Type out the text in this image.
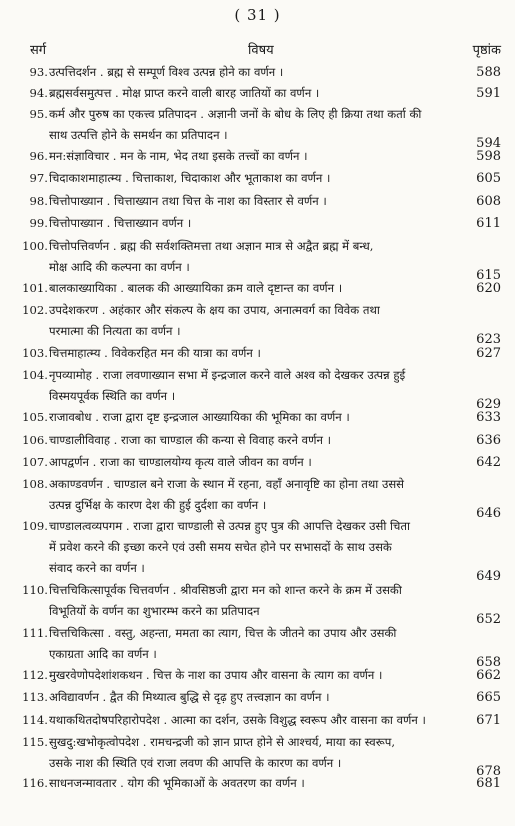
( 31 )
सर्ग	विषय	पृष्ठांक
93. उत्पत्तिदर्शन . ब्रह्म से सम्पूर्ण विश्व उत्पन्न होने का वर्णन ।	588
94. ब्रह्मसर्वसमुत्पत्त . मोक्ष प्राप्त करने वाली बारह जातियों का वर्णन ।	591
95. कर्म और पुरुष का एकत्त्व प्रतिपादन . अज्ञानी जनों के बोध के लिए ही क्रिया तथा कर्ता की
साथ उत्पत्ति होने के समर्थन का प्रतिपादन ।
594
96. मन:संज्ञाविचार . मन के नाम, भेद तथा इसके तत्त्वों का वर्णन ।	598
97. चिदाकाशमाहात्म्य . चित्ताकाश, चिदाकाश और भूताकाश का वर्णन ।	605
98. चित्तोपाख्यान . चित्ताख्यान तथा चित्त के नाश का विस्तार से वर्णन ।	608
99. चित्तोपाख्यान . चित्ताख्यान वर्णन ।	611
100. चित्तोपत्तिवर्णन . ब्रह्म की सर्वशक्तिमत्ता तथा अज्ञान मात्र से अद्वैत ब्रह्म में बन्ध,
मोक्ष आदि की कल्पना का वर्णन ।
615
101. बालकाख्यायिका . बालक की आख्यायिका क्रम वाले दृष्टान्त का वर्णन ।	620
102. उपदेशकरण . अहंकार और संकल्प के क्षय का उपाय, अनात्मवर्ग का विवेक तथा
परमात्मा की नित्यता का वर्णन ।
623
103. चित्तमाहात्म्य . विवेकरहित मन की यात्रा का वर्णन ।	627
104. नृपव्यामोह . राजा लवणाख्यान सभा में इन्द्रजाल करने वाले अश्व को देखकर उत्पन्न हुई
विस्मयपूर्वक स्थिति का वर्णन ।
629
105. राजावबोध . राजा द्वारा दृष्ट इन्द्रजाल आख्यायिका की भूमिका का वर्णन ।	633
106. चाण्डालीविवाह . राजा का चाण्डाल की कन्या से विवाह करने वर्णन ।	636
107. आपद्वर्णन . राजा का चाण्डालयोग्य कृत्य वाले जीवन का वर्णन ।	642
108. अकाण्डवर्णन . चाण्डाल बने राजा के स्थान में रहना, वहाँ अनावृष्टि का होना तथा उससे
उत्पन्न दुर्भिक्ष के कारण देश की हुई दुर्दशा का वर्णन ।
646
109. चाण्डालत्वव्यपगम . राजा द्वारा चाण्डाली से उत्पन्न हुए पुत्र की आपत्ति देखकर उसी चिता
में प्रवेश करने की इच्छा करने एवं उसी समय सचेत होने पर सभासदों के साथ उसके
संवाद करने का वर्णन ।
649
110. चित्तचिकित्सापूर्वक चित्तवर्णन . श्रीवसिष्ठजी द्वारा मन को शान्त करने के क्रम में उसकी
विभूतियों के वर्णन का शुभारम्भ करने का प्रतिपादन
652
111. चित्तचिकित्सा . वस्तु, अहन्ता, ममता का त्याग, चित्त के जीतने का उपाय और उसकी
एकाग्रता आदि का वर्णन ।
658
112. मुखरवेणोपदेशांशकथन . चित्त के नाश का उपाय और वासना के त्याग का वर्णन ।	662
113. अविद्यावर्णन . द्वैत की मिथ्यात्व बुद्धि से दृढ़ हुए तत्त्वज्ञान का वर्णन ।	665
114. यथाकथितदोषपरिहारोपदेश . आत्मा का दर्शन, उसके विशुद्ध स्वरूप और वासना का वर्णन ।	671
115. सुखदु:खभोकृत्वोपदेश . रामचन्द्रजी को ज्ञान प्राप्त होने से आश्चर्य, माया का स्वरूप,
उसके नाश की स्थिति एवं राजा लवण की आपत्ति के कारण का वर्णन ।
678
116. साधनजन्मावतार . योग की भूमिकाओं के अवतरण का वर्णन ।	681
